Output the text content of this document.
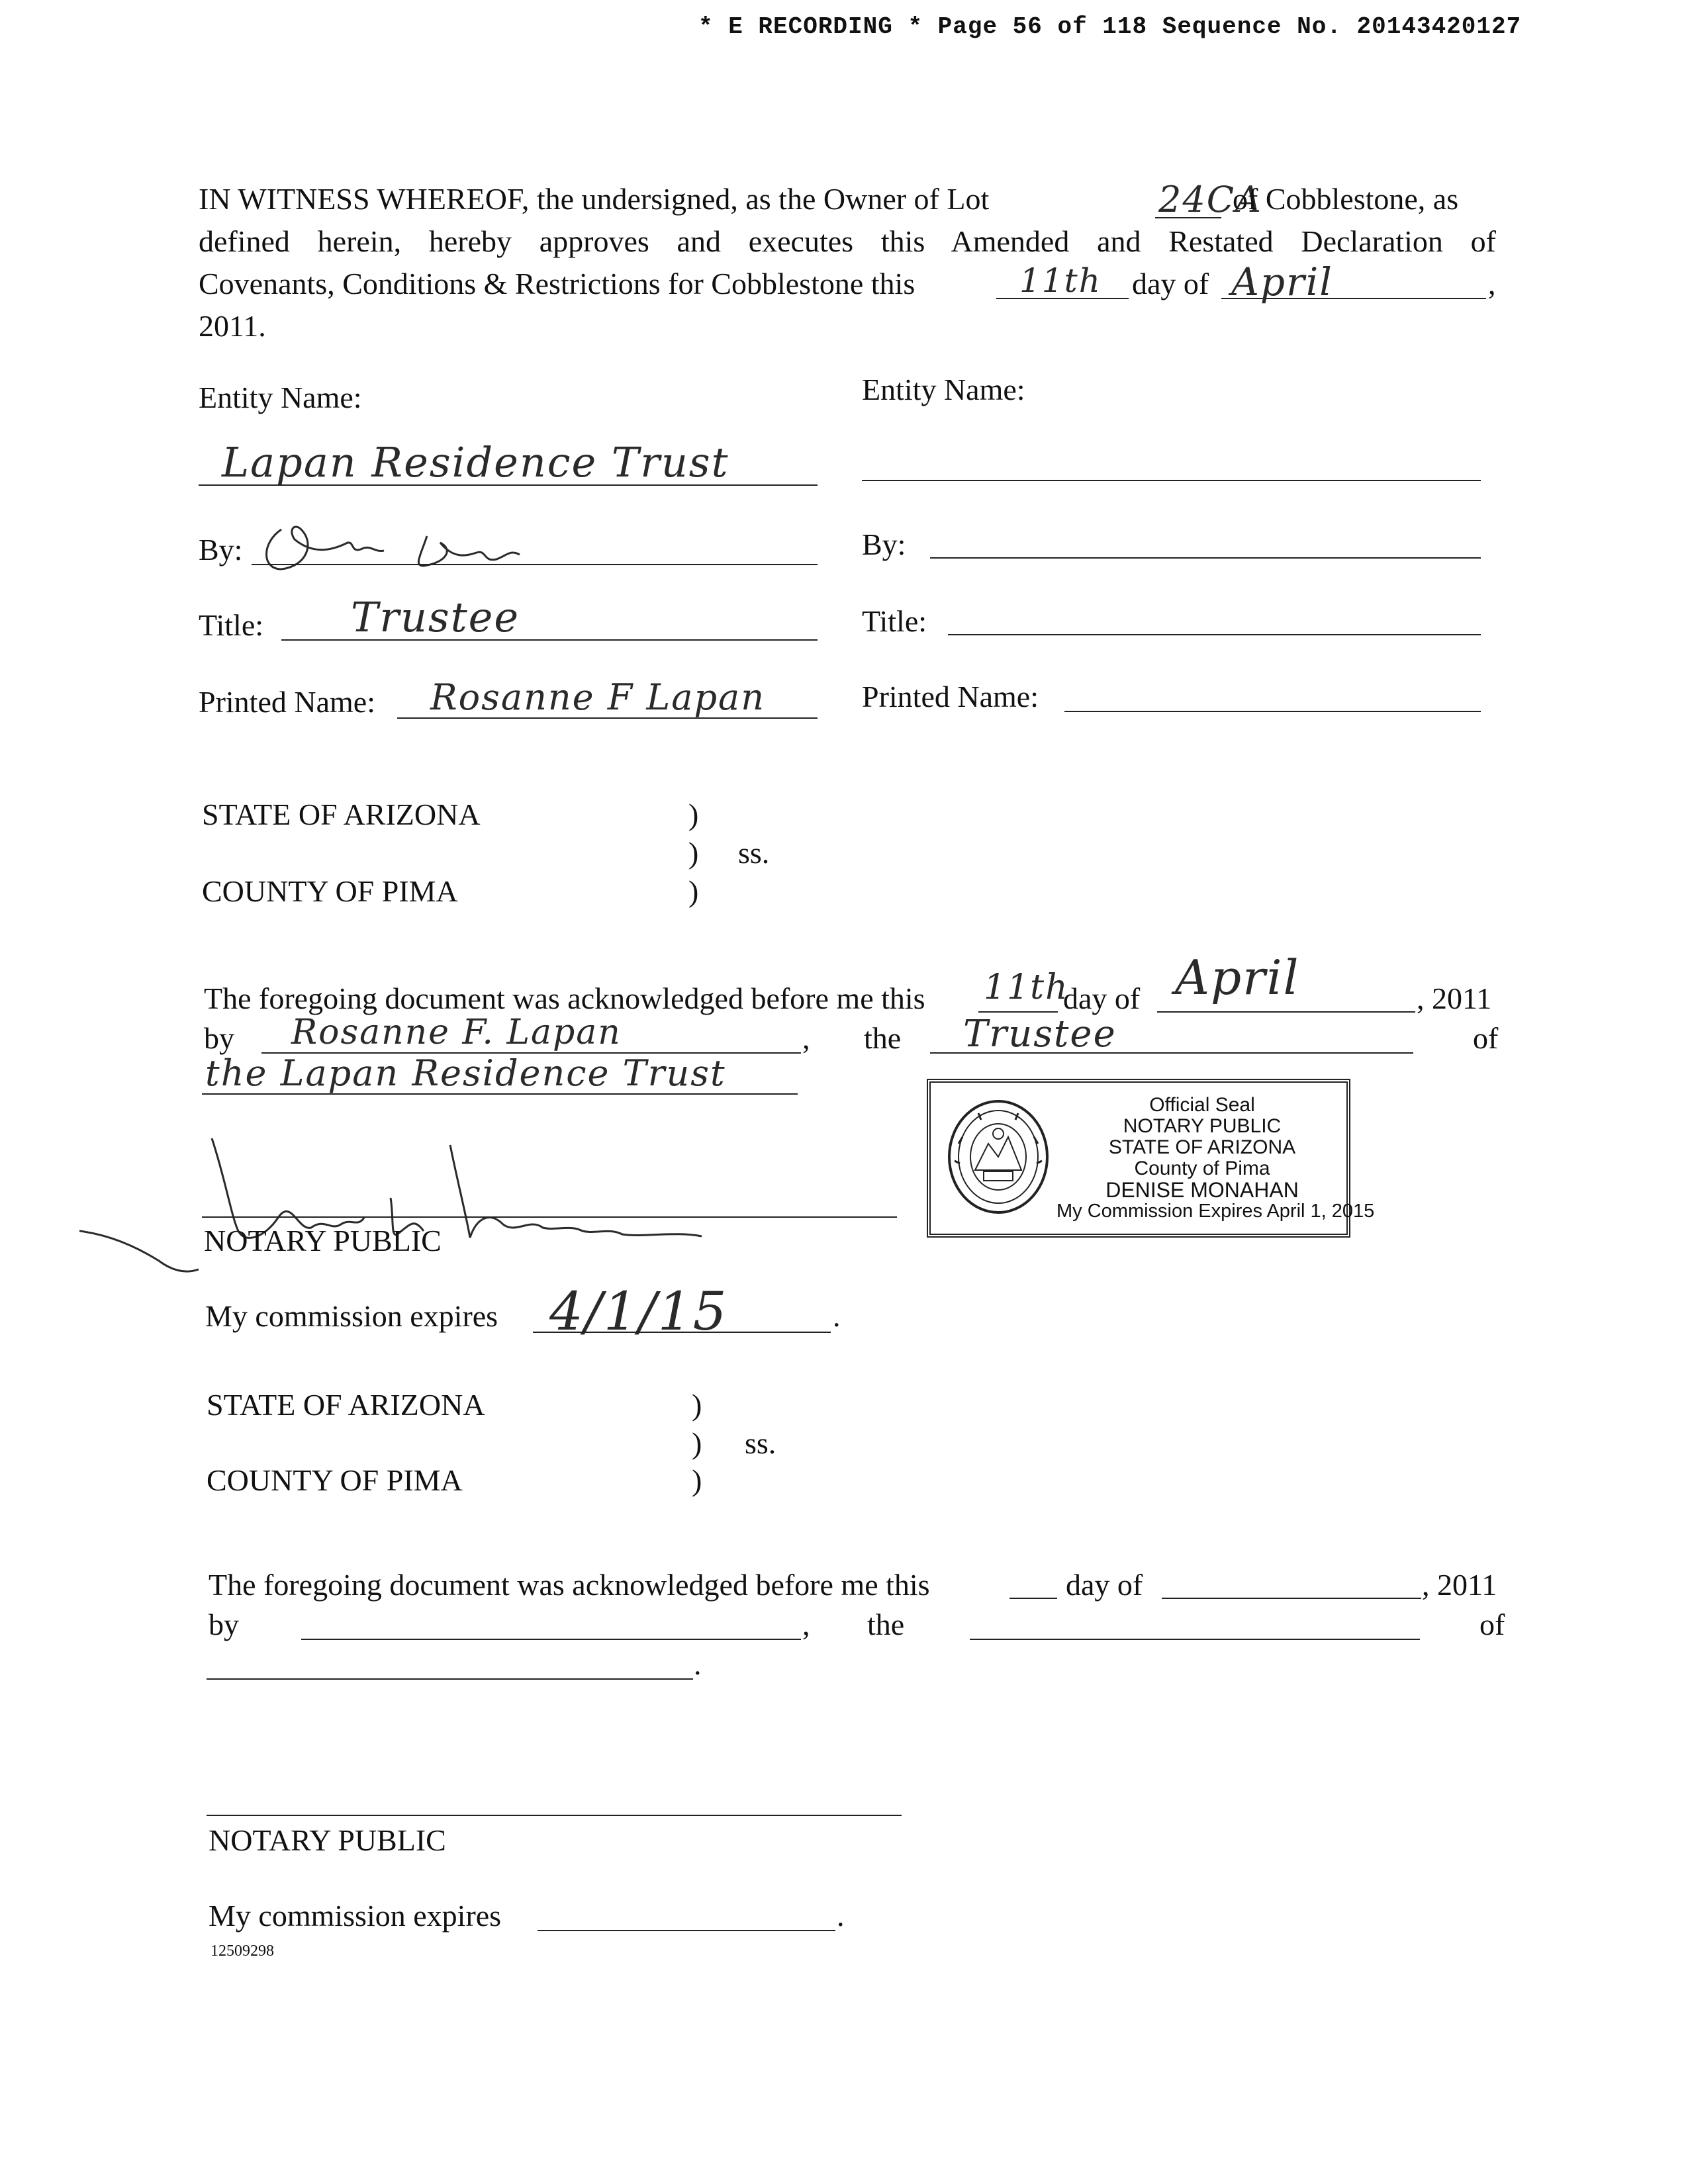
* E RECORDING * Page 56 of 118 Sequence No. 20143420127
IN WITNESS WHEREOF, the undersigned, as the Owner of Lot	24CA
of Cobblestone, as
defined herein, hereby approves and executes this Amended and Restated Declaration of
Covenants, Conditions & Restrictions for Cobblestone this	11th day of April	,
2011.
Entity Name:
Lapan Residence Trust
By:
Title: Trustee
Printed Name: Rosanne F Lapan
Entity Name:
By:
Title:
Printed Name:
STATE OF ARIZONA	)
) ss.
COUNTY OF PIMA	)
The foregoing document was acknowledged before me this 11th
day of April	, 2011
by Rosanne F. Lapan	, the Trustee	of
the Lapan Residence Trust
NOTARY PUBLIC
My commission expires 4/1/15	.
Official Seal
NOTARY PUBLIC
STATE OF ARIZONA
County of Pima
DENISE MONAHAN
My Commission Expires April 1, 2015
STATE OF ARIZONA	)
) ss.
COUNTY OF PIMA	)
The foregoing document was acknowledged before me this	day of	, 2011
by	, the	of
.
NOTARY PUBLIC
My commission expires	.
12509298
